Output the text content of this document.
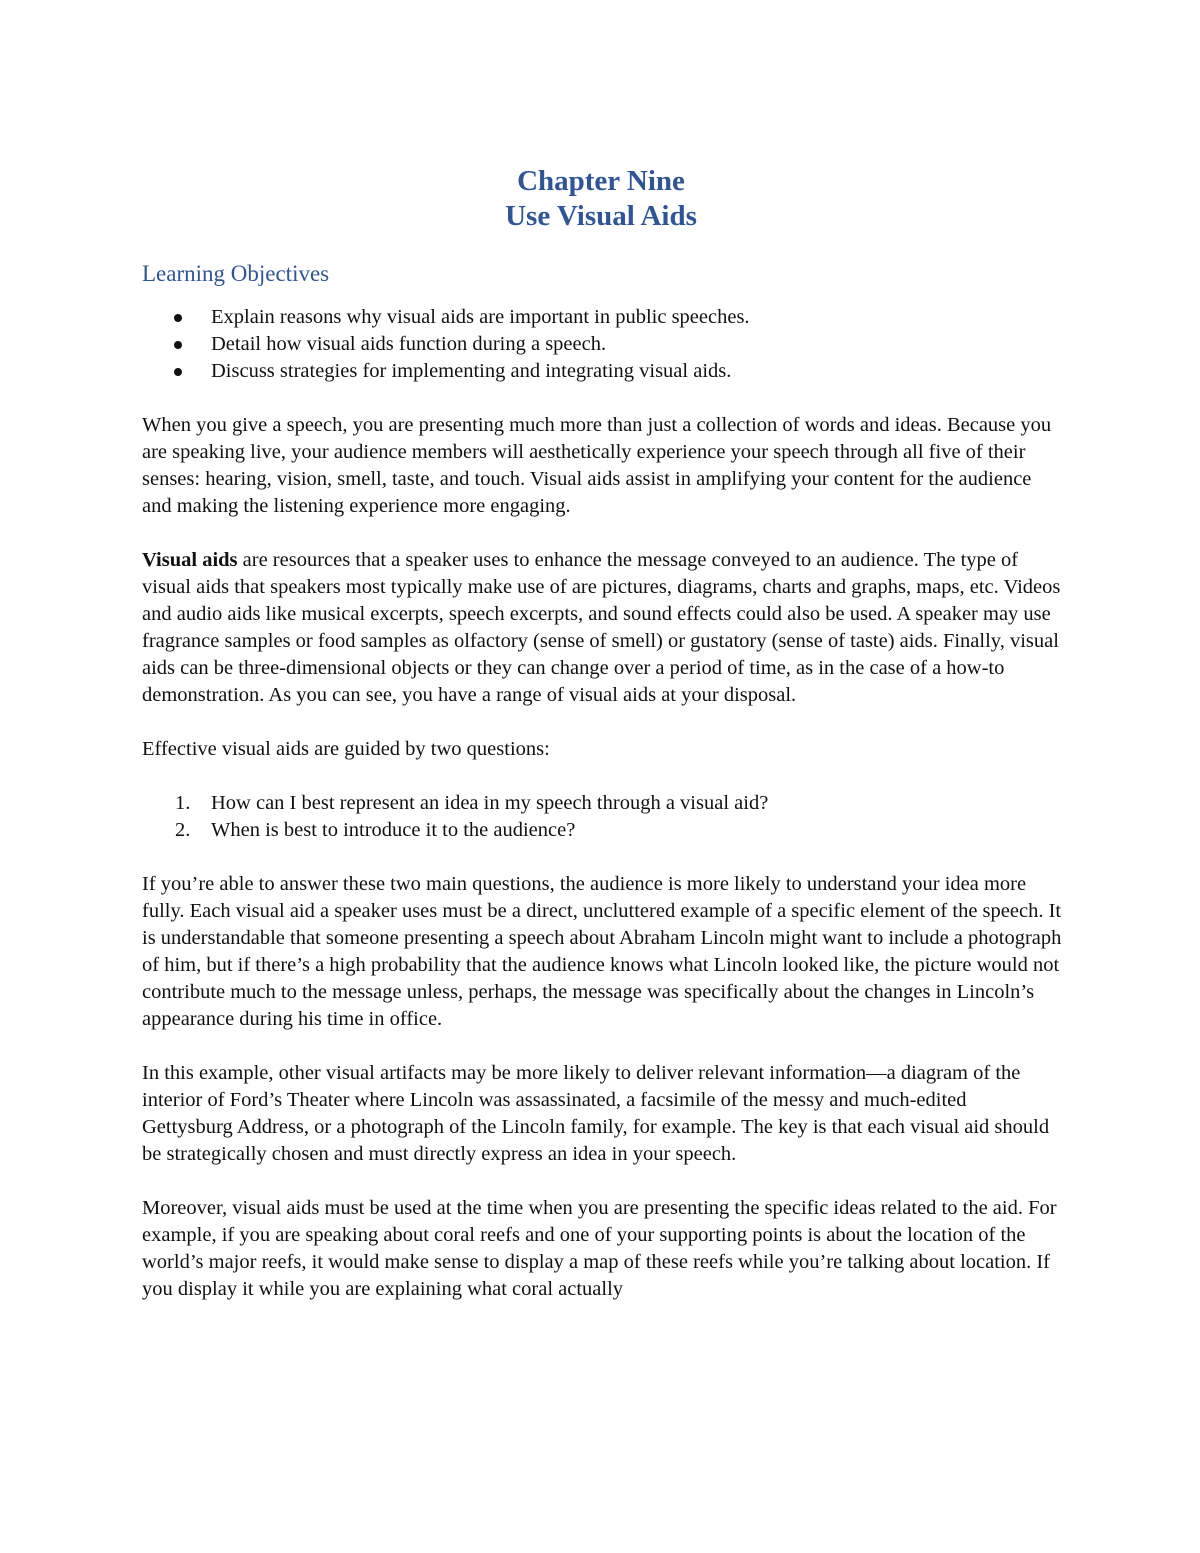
Chapter Nine
Use Visual Aids
Learning Objectives
Explain reasons why visual aids are important in public speeches.
Detail how visual aids function during a speech.
Discuss strategies for implementing and integrating visual aids.

When you give a speech, you are presenting much more than just a collection of words and ideas. Because you are speaking live, your audience members will aesthetically experience your speech through all five of their senses: hearing, vision, smell, taste, and touch. Visual aids assist in amplifying your content for the audience and making the listening experience more engaging.

Visual aids are resources that a speaker uses to enhance the message conveyed to an audience. The type of visual aids that speakers most typically make use of are pictures, diagrams, charts and graphs, maps, etc. Videos and audio aids like musical excerpts, speech excerpts, and sound effects could also be used. A speaker may use fragrance samples or food samples as olfactory (sense of smell) or gustatory (sense of taste) aids. Finally, visual aids can be three-dimensional objects or they can change over a period of time, as in the case of a how-to demonstration. As you can see, you have a range of visual aids at your disposal.

Effective visual aids are guided by two questions:

1. How can I best represent an idea in my speech through a visual aid?
2. When is best to introduce it to the audience?

If you’re able to answer these two main questions, the audience is more likely to understand your idea more fully. Each visual aid a speaker uses must be a direct, uncluttered example of a specific element of the speech. It is understandable that someone presenting a speech about Abraham Lincoln might want to include a photograph of him, but if there’s a high probability that the audience knows what Lincoln looked like, the picture would not contribute much to the message unless, perhaps, the message was specifically about the changes in Lincoln’s appearance during his time in office.

In this example, other visual artifacts may be more likely to deliver relevant information—a diagram of the interior of Ford’s Theater where Lincoln was assassinated, a facsimile of the messy and much-edited Gettysburg Address, or a photograph of the Lincoln family, for example. The key is that each visual aid should be strategically chosen and must directly express an idea in your speech.

Moreover, visual aids must be used at the time when you are presenting the specific ideas related to the aid. For example, if you are speaking about coral reefs and one of your supporting points is about the location of the world’s major reefs, it would make sense to display a map of these reefs while you’re talking about location. If you display it while you are explaining what coral actually
